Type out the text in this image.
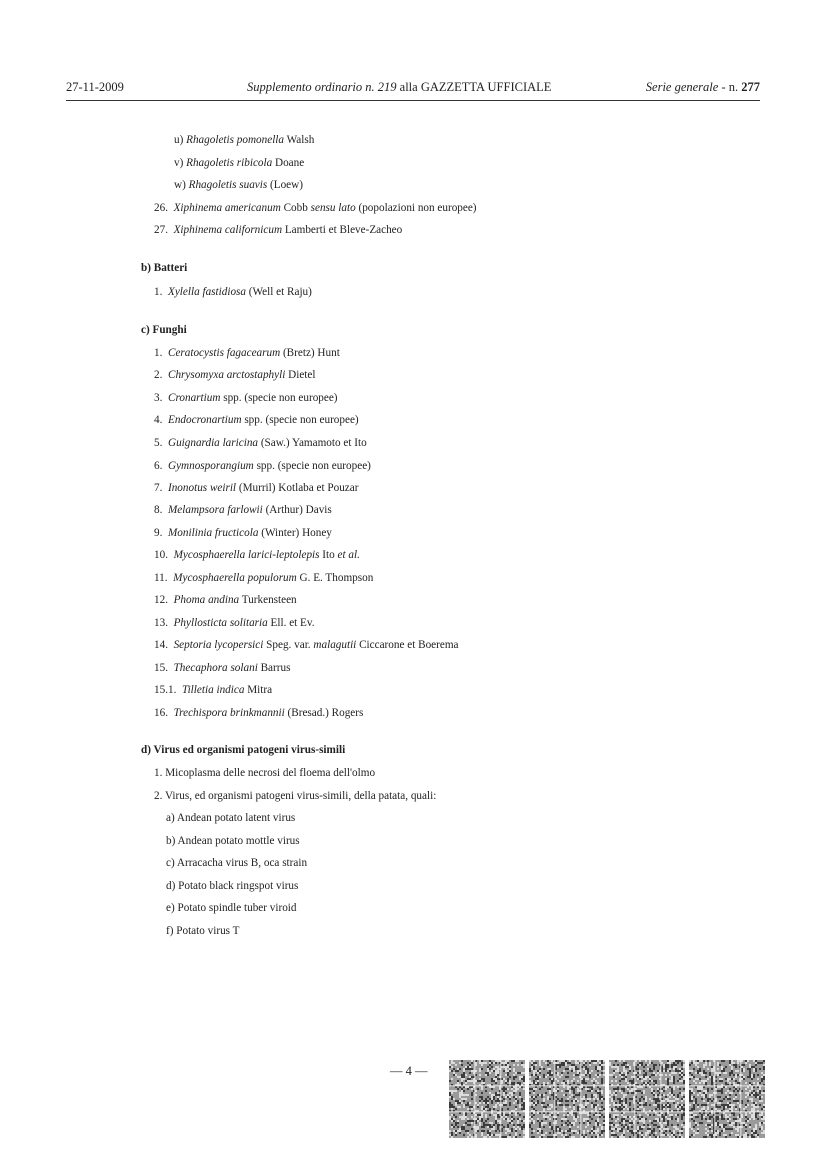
27-11-2009	Supplemento ordinario n. 219 alla GAZZETTA UFFICIALE	Serie generale - n. 277
u) Rhagoletis pomonella Walsh
v) Rhagoletis ribicola Doane
w) Rhagoletis suavis (Loew)
26. Xiphinema americanum Cobb sensu lato (popolazioni non europee)
27. Xiphinema californicum Lamberti et Bleve-Zacheo
b) Batteri
1. Xylella fastidiosa (Well et Raju)
c) Funghi
1. Ceratocystis fagacearum (Bretz) Hunt
2. Chrysomyxa arctostaphyli Dietel
3. Cronartium spp. (specie non europee)
4. Endocronartium spp. (specie non europee)
5. Guignardia laricina (Saw.) Yamamoto et Ito
6. Gymnosporangium spp. (specie non europee)
7. Inonotus weiril (Murril) Kotlaba et Pouzar
8. Melampsora farlowii (Arthur) Davis
9. Monilinia fructicola (Winter) Honey
10. Mycosphaerella larici-leptolepis Ito et al.
11. Mycosphaerella populorum G. E. Thompson
12. Phoma andina Turkensteen
13. Phyllosticta solitaria Ell. et Ev.
14. Septoria lycopersici Speg. var. malagutii Ciccarone et Boerema
15. Thecaphora solani Barrus
15.1. Tilletia indica Mitra
16. Trechispora brinkmannii (Bresad.) Rogers
d) Virus ed organismi patogeni virus-simili
1. Micoplasma delle necrosi del floema dell'olmo
2. Virus, ed organismi patogeni virus-simili, della patata, quali:
a) Andean potato latent virus
b) Andean potato mottle virus
c) Arracacha virus B, oca strain
d) Potato black ringspot virus
e) Potato spindle tuber viroid
f) Potato virus T
— 4 —
